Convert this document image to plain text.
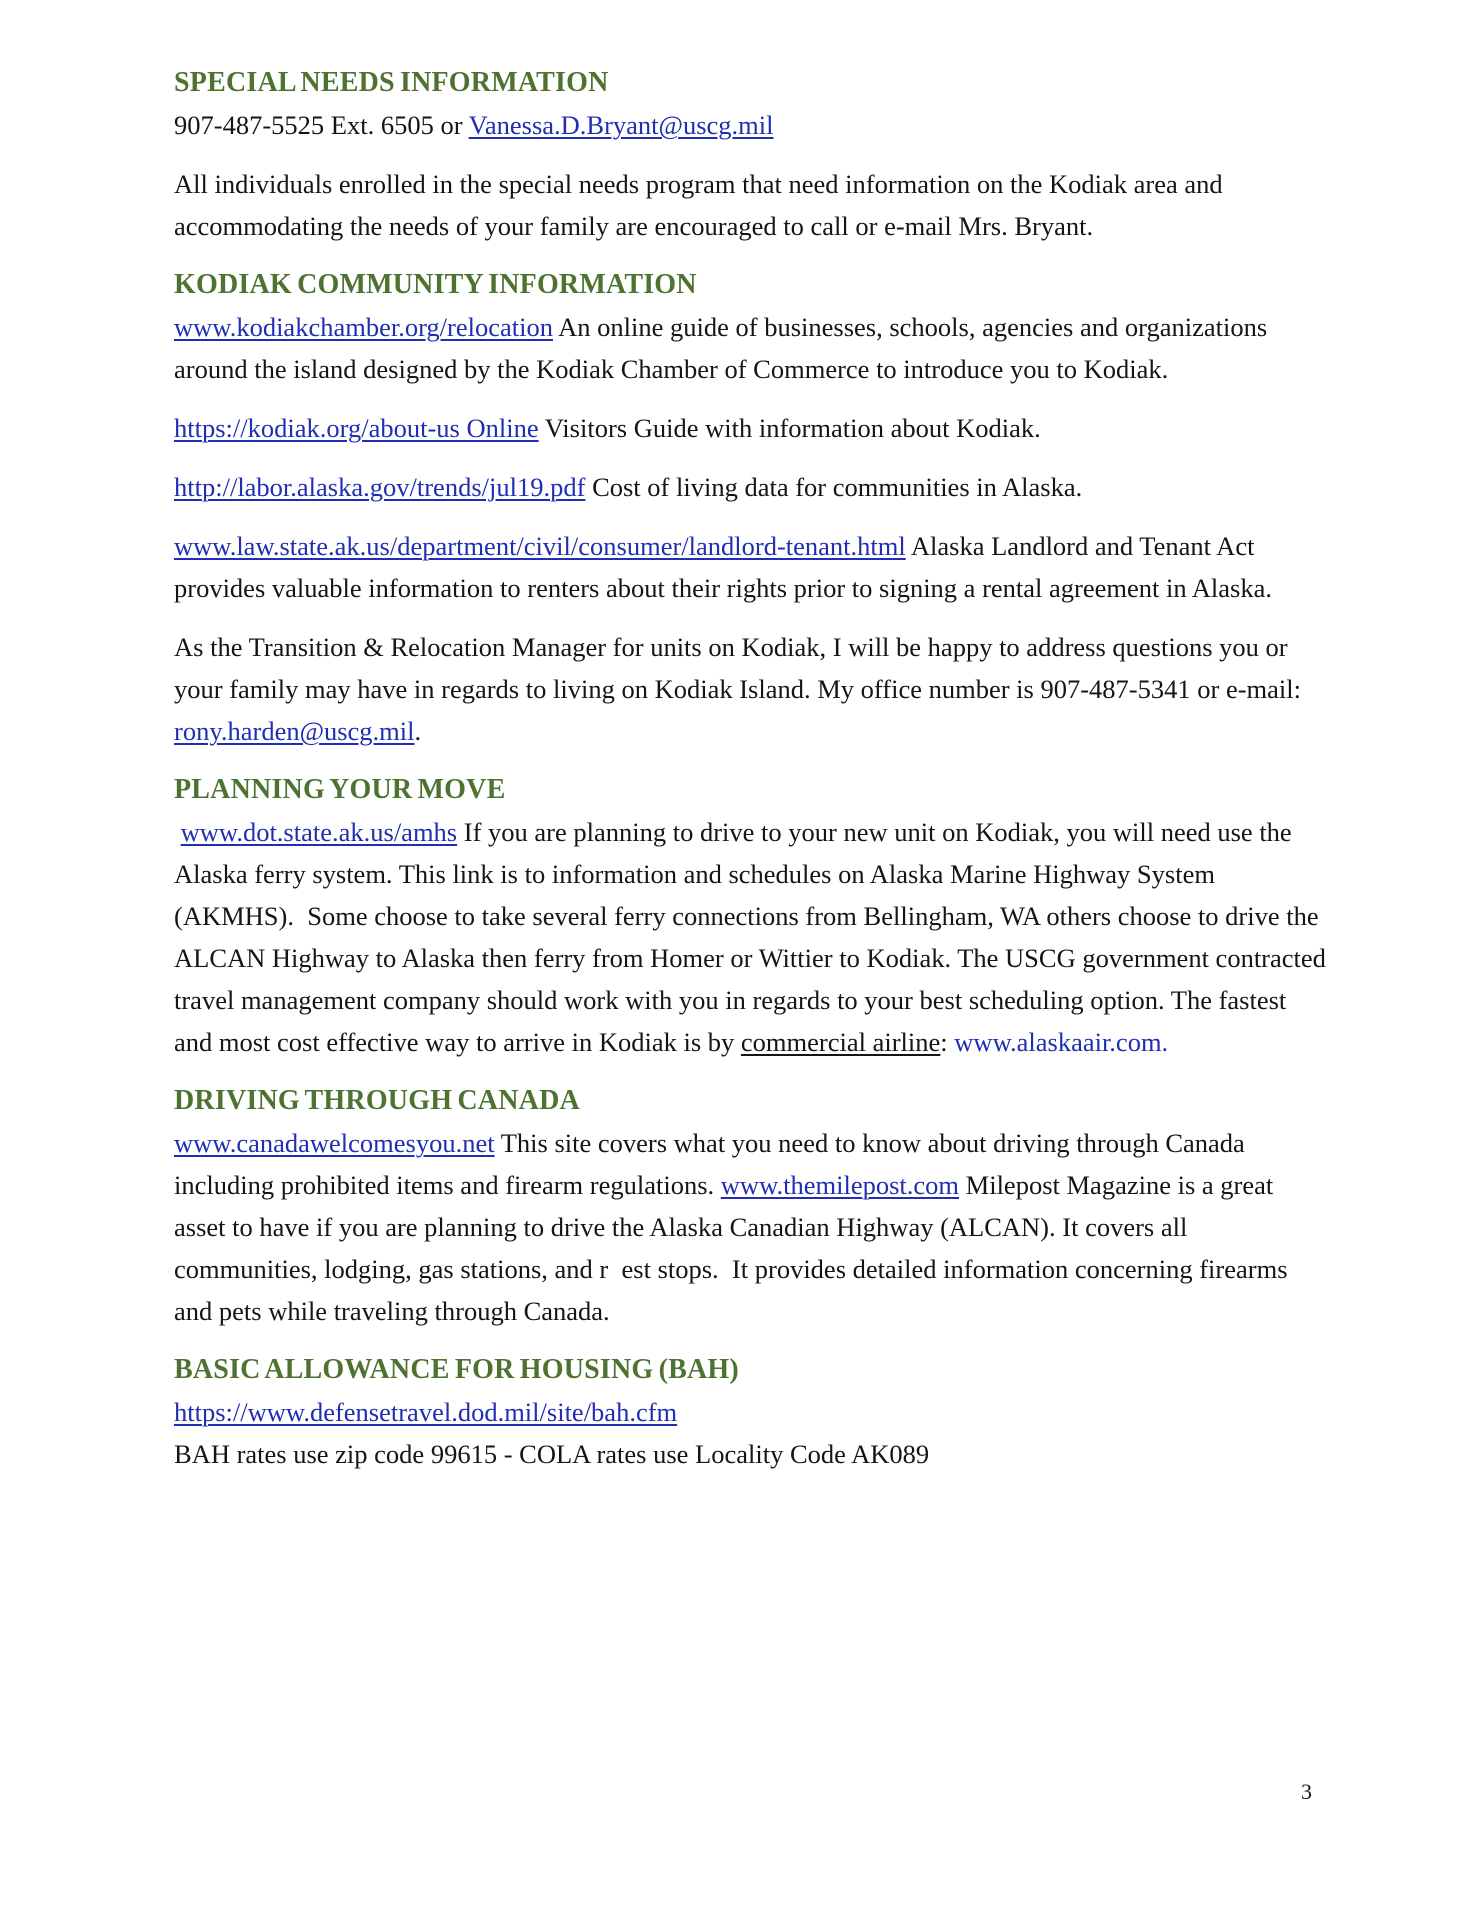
SPECIAL NEEDS INFORMATION

907-487-5525 Ext. 6505 or Vanessa.D.Bryant@uscg.mil

All individuals enrolled in the special needs program that need information on the Kodiak area and accommodating the needs of your family are encouraged to call or e-mail Mrs. Bryant.

KODIAK COMMUNITY INFORMATION

www.kodiakchamber.org/relocation An online guide of businesses, schools, agencies and organizations around the island designed by the Kodiak Chamber of Commerce to introduce you to Kodiak.

https://kodiak.org/about-us Online Visitors Guide with information about Kodiak.

http://labor.alaska.gov/trends/jul19.pdf Cost of living data for communities in Alaska.

www.law.state.ak.us/department/civil/consumer/landlord-tenant.html Alaska Landlord and Tenant Act provides valuable information to renters about their rights prior to signing a rental agreement in Alaska.

As the Transition & Relocation Manager for units on Kodiak, I will be happy to address questions you or your family may have in regards to living on Kodiak Island. My office number is 907-487-5341 or e-mail: rony.harden@uscg.mil.

PLANNING YOUR MOVE

www.dot.state.ak.us/amhs If you are planning to drive to your new unit on Kodiak, you will need use the Alaska ferry system. This link is to information and schedules on Alaska Marine Highway System (AKMHS).  Some choose to take several ferry connections from Bellingham, WA others choose to drive the ALCAN Highway to Alaska then ferry from Homer or Wittier to Kodiak. The USCG government contracted travel management company should work with you in regards to your best scheduling option. The fastest and most cost effective way to arrive in Kodiak is by commercial airline: www.alaskaair.com.

DRIVING THROUGH CANADA

www.canadawelcomesyou.net This site covers what you need to know about driving through Canada including prohibited items and firearm regulations. www.themilepost.com Milepost Magazine is a great asset to have if you are planning to drive the Alaska Canadian Highway (ALCAN). It covers all communities, lodging, gas stations, and r  est stops.  It provides detailed information concerning firearms and pets while traveling through Canada.

BASIC ALLOWANCE FOR HOUSING (BAH)

https://www.defensetravel.dod.mil/site/bah.cfm

BAH rates use zip code 99615 - COLA rates use Locality Code AK089

3
